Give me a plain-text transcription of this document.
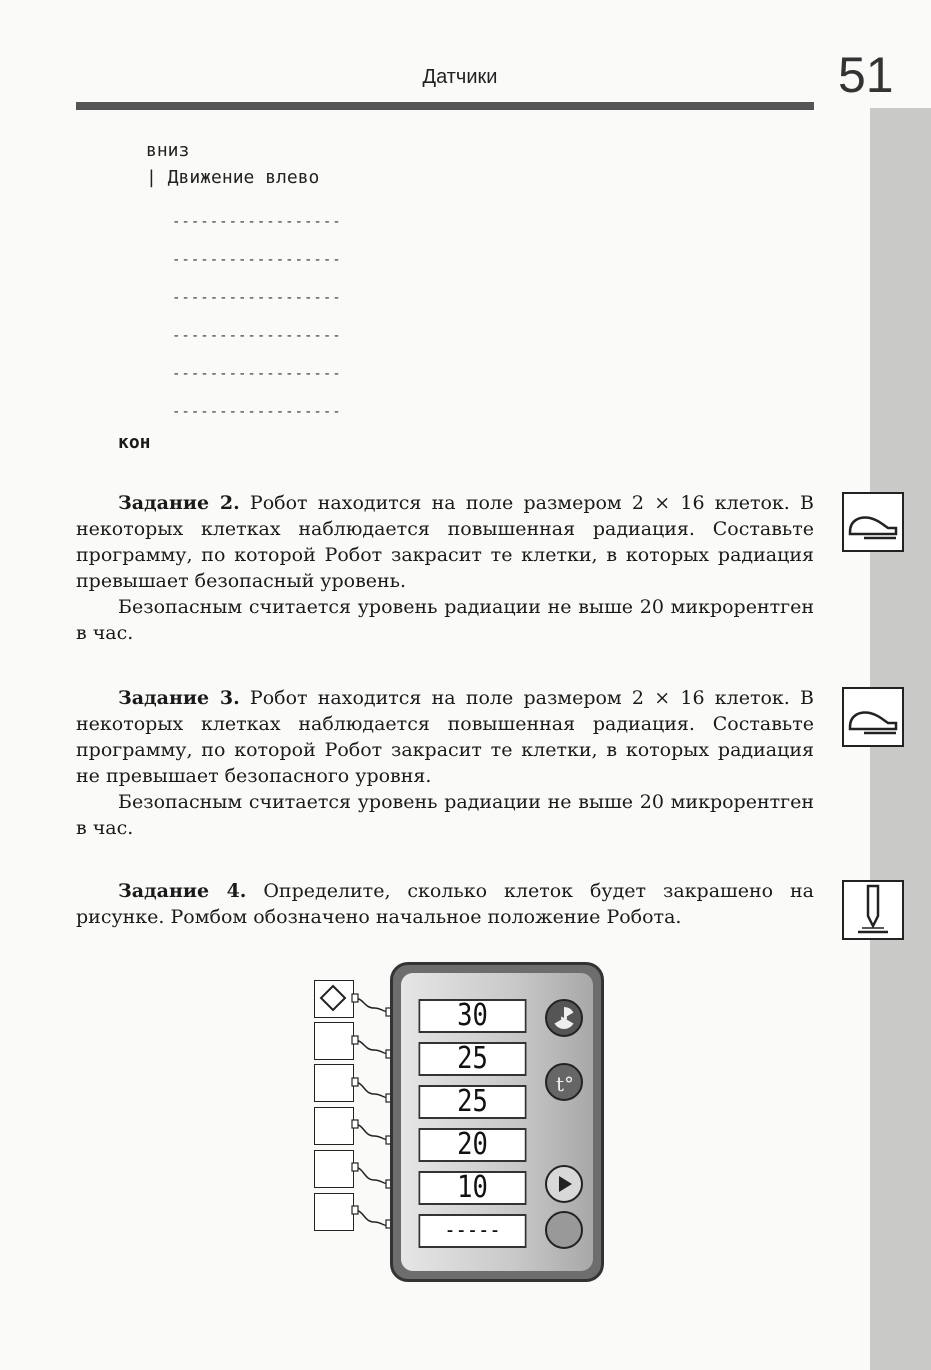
Датчики	51
вниз
| Движение влево
------------------
------------------
------------------
------------------
------------------
------------------
кон

Задание 2. Робот находится на поле размером 2 × 16 клеток. В некоторых клетках наблюдается повышенная радиация. Составьте программу, по которой Робот закрасит те клетки, в которых радиация превышает безопасный уровень.

Безопасным считается уровень радиации не выше 20 микрорентген в час.

Задание 3. Робот находится на поле размером 2 × 16 клеток. В некоторых клетках наблюдается повышенная радиация. Составьте программу, по которой Робот закрасит те клетки, в которых радиация не превышает безопасного уровня.

Безопасным считается уровень радиации не выше 20 микрорентген в час.

Задание 4. Определите, сколько клеток будет закрашено на рисунке. Ромбом обозначено начальное положение Робота.

30
25
25
20
10
-----
t°
